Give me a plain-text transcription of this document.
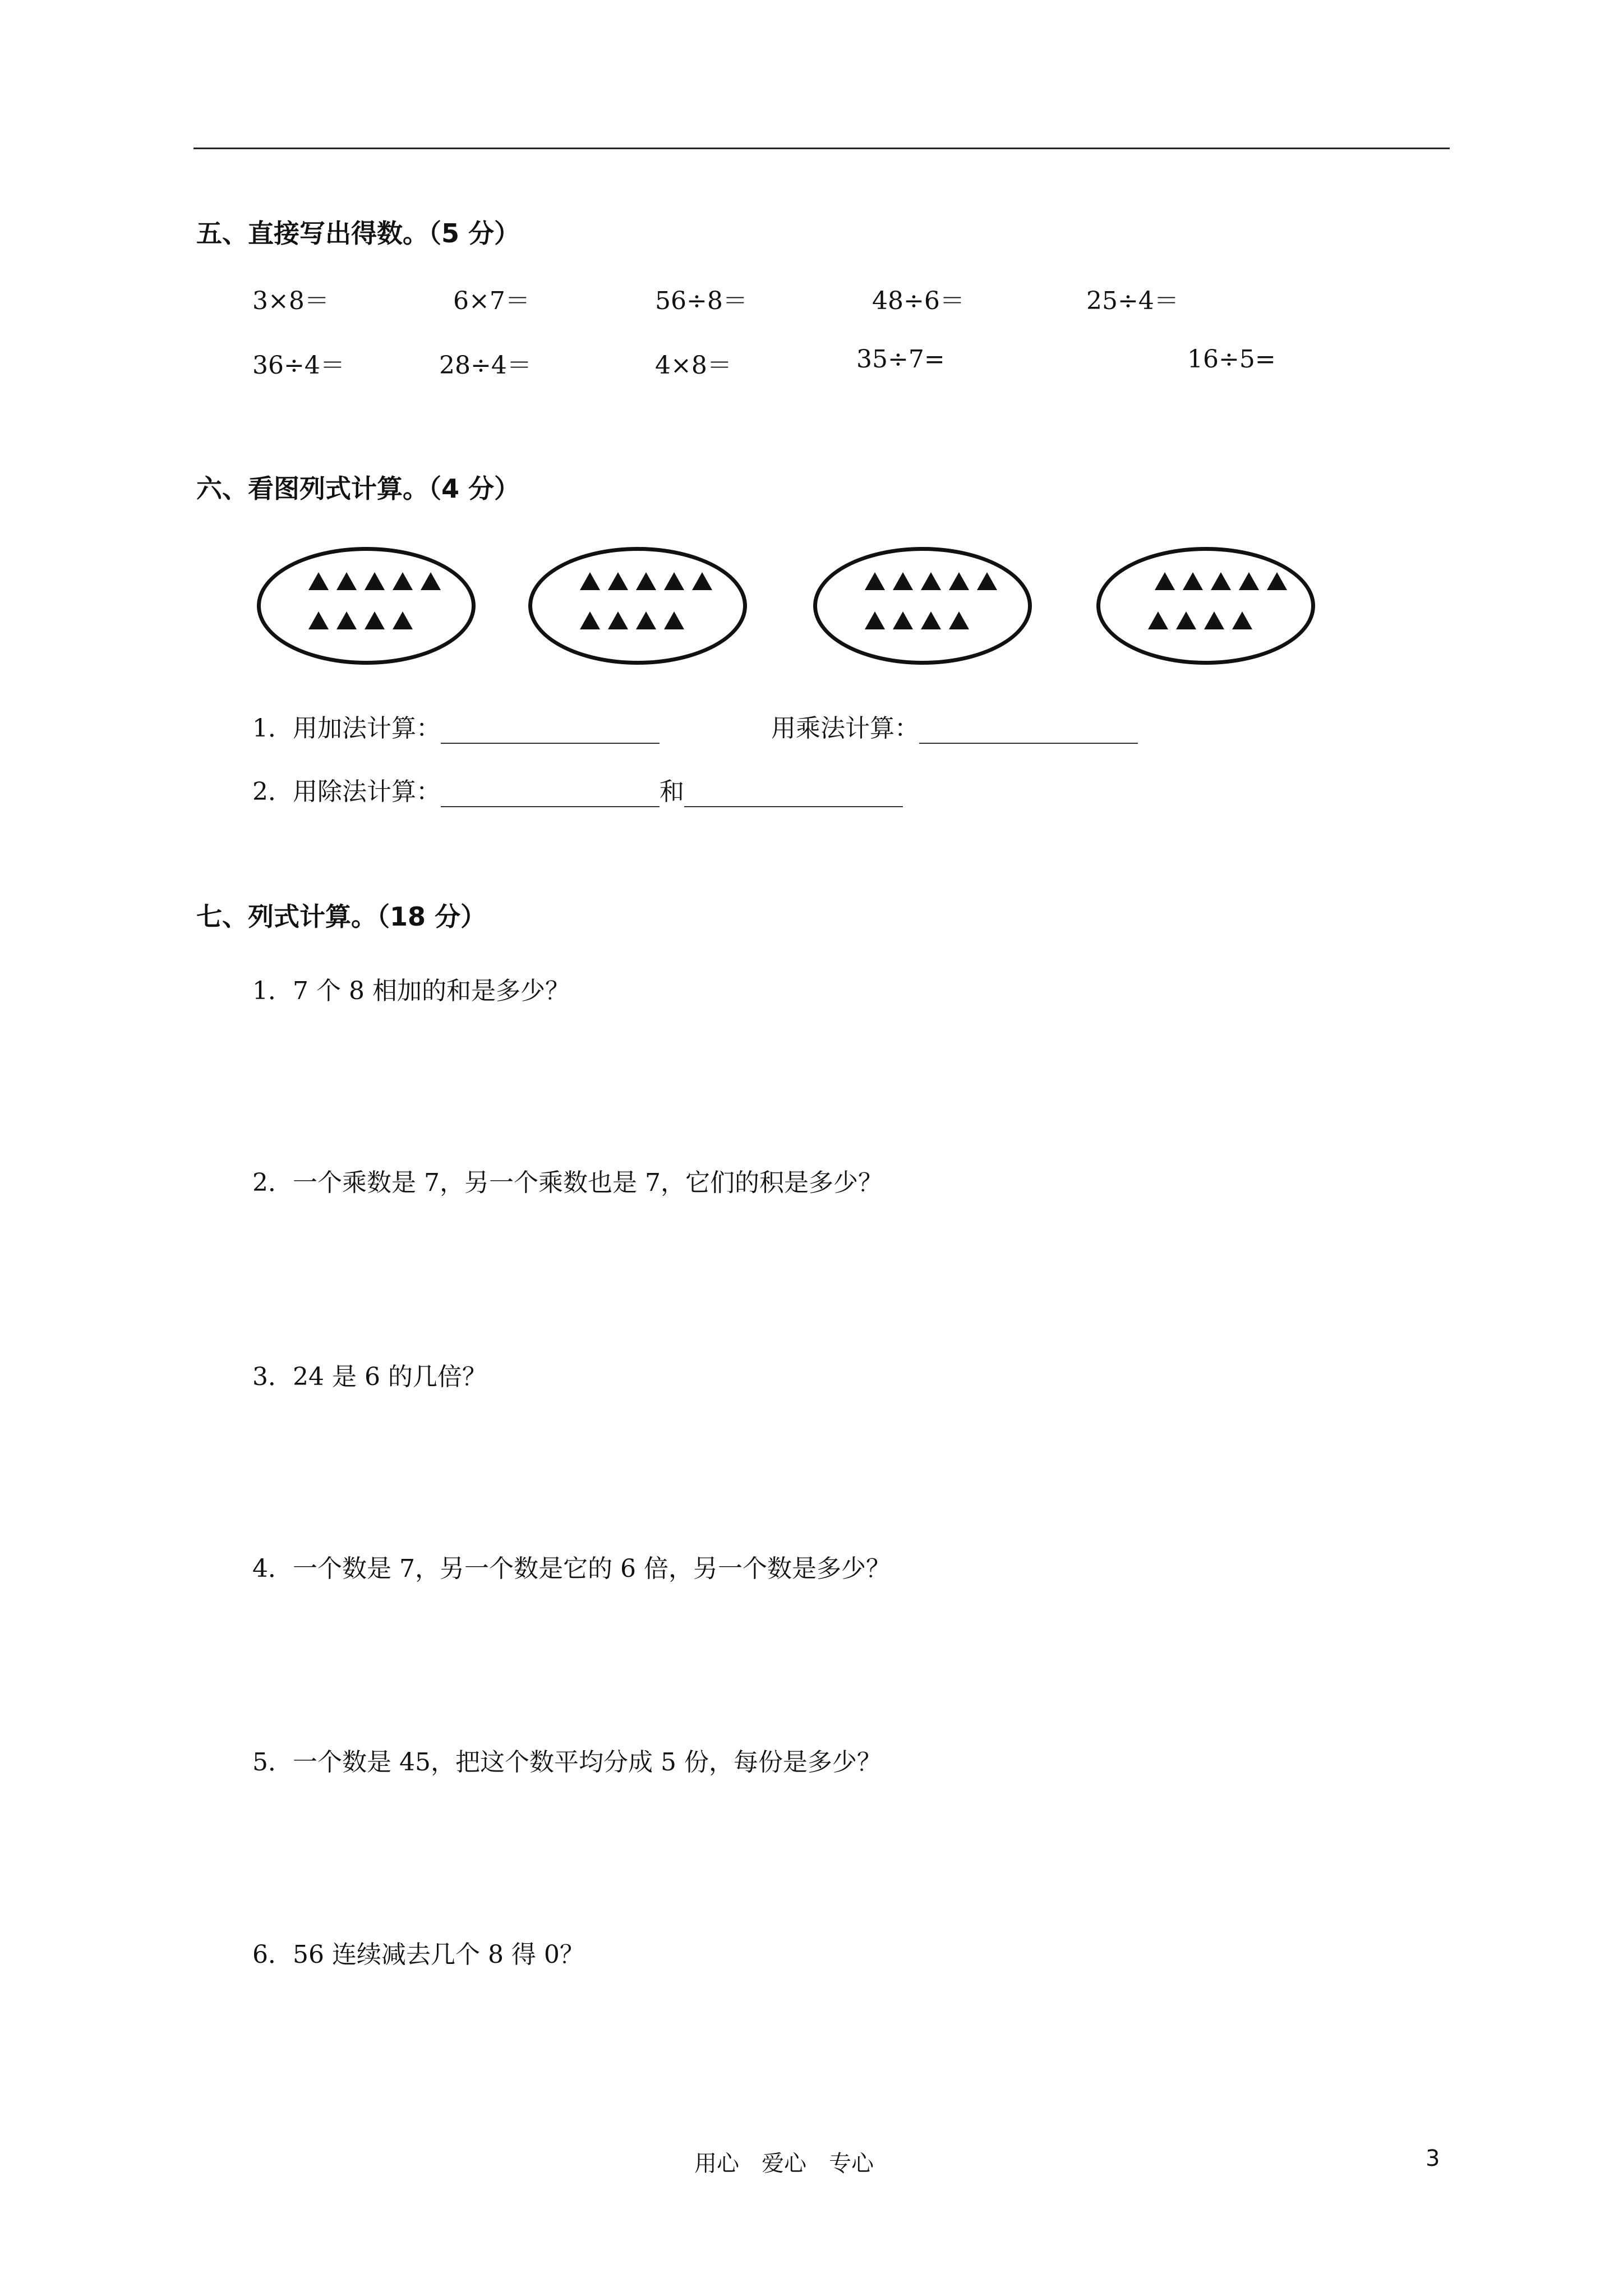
五、直接写出得数。（5 分）
3×8＝	6×7＝	56÷8＝	48÷6＝	25÷4＝
36÷4＝	28÷4＝	4×8＝	35÷7=	16÷5=
六、看图列式计算。（4 分）
1．用加法计算：	用乘法计算：
2．用除法计算：	和
七、列式计算。（18 分）
1．7 个 8 相加的和是多少？
2．一个乘数是 7，另一个乘数也是 7，它们的积是多少？
3．24 是 6 的几倍？
4．一个数是 7，另一个数是它的 6 倍，另一个数是多少？
5．一个数是 45，把这个数平均分成 5 份，每份是多少？
6．56 连续减去几个 8 得 0？
用心　爱心　专心	3
